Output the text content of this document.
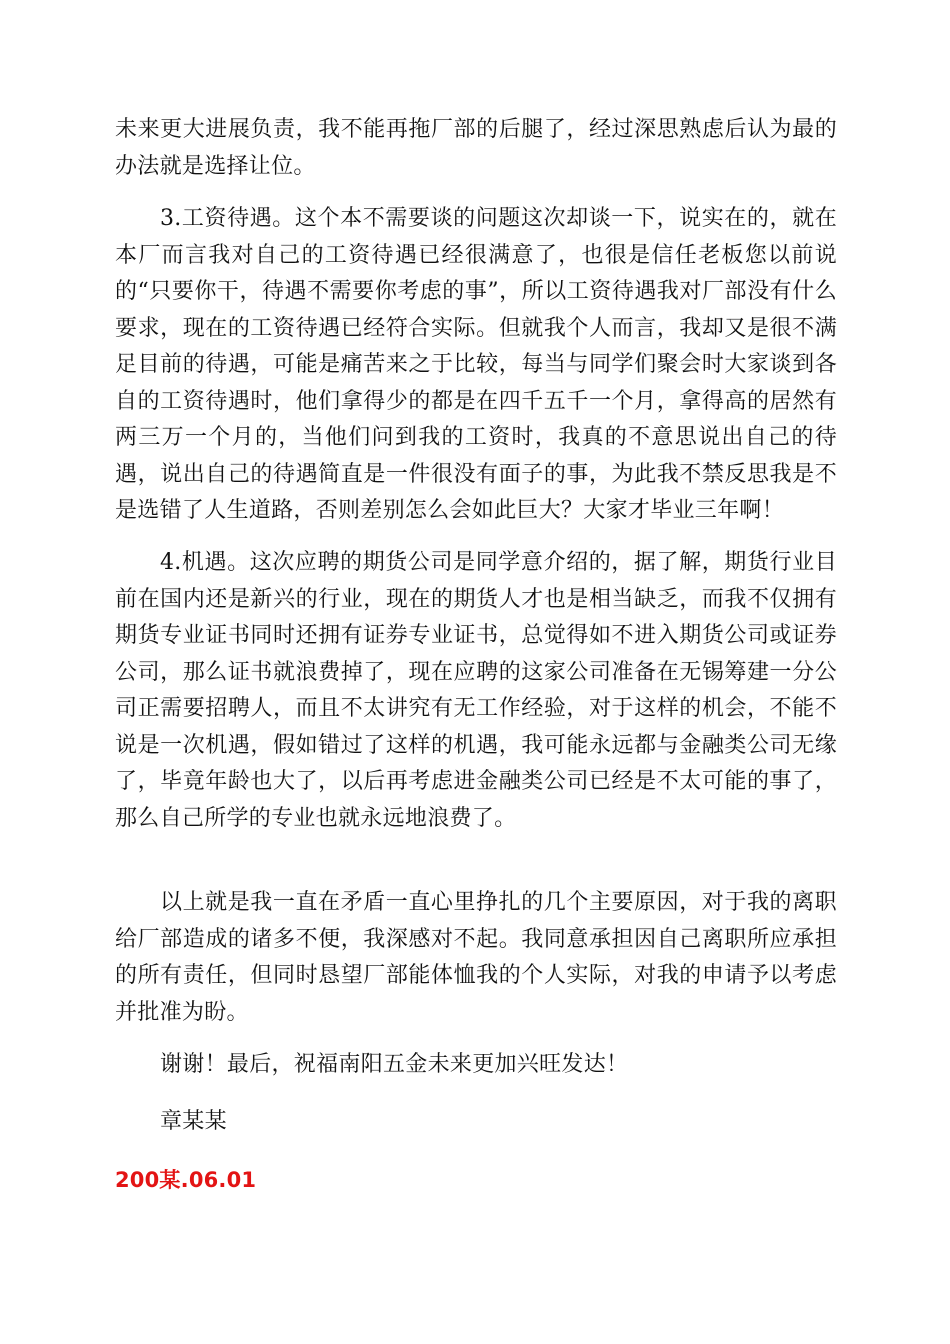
未来更大进展负责，我不能再拖厂部的后腿了，经过深思熟虑后认为最的办法就是选择让位。

3.工资待遇。这个本不需要谈的问题这次却谈一下，说实在的，就在本厂而言我对自己的工资待遇已经很满意了，也很是信任老板您以前说的“只要你干，待遇不需要你考虑的事”，所以工资待遇我对厂部没有什么要求，现在的工资待遇已经符合实际。但就我个人而言，我却又是很不满足目前的待遇，可能是痛苦来之于比较，每当与同学们聚会时大家谈到各自的工资待遇时，他们拿得少的都是在四千五千一个月，拿得高的居然有两三万一个月的，当他们问到我的工资时，我真的不意思说出自己的待遇，说出自己的待遇简直是一件很没有面子的事，为此我不禁反思我是不是选错了人生道路，否则差别怎么会如此巨大？大家才毕业三年啊！

4.机遇。这次应聘的期货公司是同学意介绍的，据了解，期货行业目前在国内还是新兴的行业，现在的期货人才也是相当缺乏，而我不仅拥有期货专业证书同时还拥有证券专业证书，总觉得如不进入期货公司或证券公司，那么证书就浪费掉了，现在应聘的这家公司准备在无锡筹建一分公司正需要招聘人，而且不太讲究有无工作经验，对于这样的机会，不能不说是一次机遇，假如错过了这样的机遇，我可能永远都与金融类公司无缘了，毕竟年龄也大了，以后再考虑进金融类公司已经是不太可能的事了，那么自己所学的专业也就永远地浪费了。

以上就是我一直在矛盾一直心里挣扎的几个主要原因，对于我的离职给厂部造成的诸多不便，我深感对不起。我同意承担因自己离职所应承担的所有责任，但同时恳望厂部能体恤我的个人实际，对我的申请予以考虑并批准为盼。

谢谢！最后，祝福南阳五金未来更加兴旺发达！

章某某

200某.06.01
